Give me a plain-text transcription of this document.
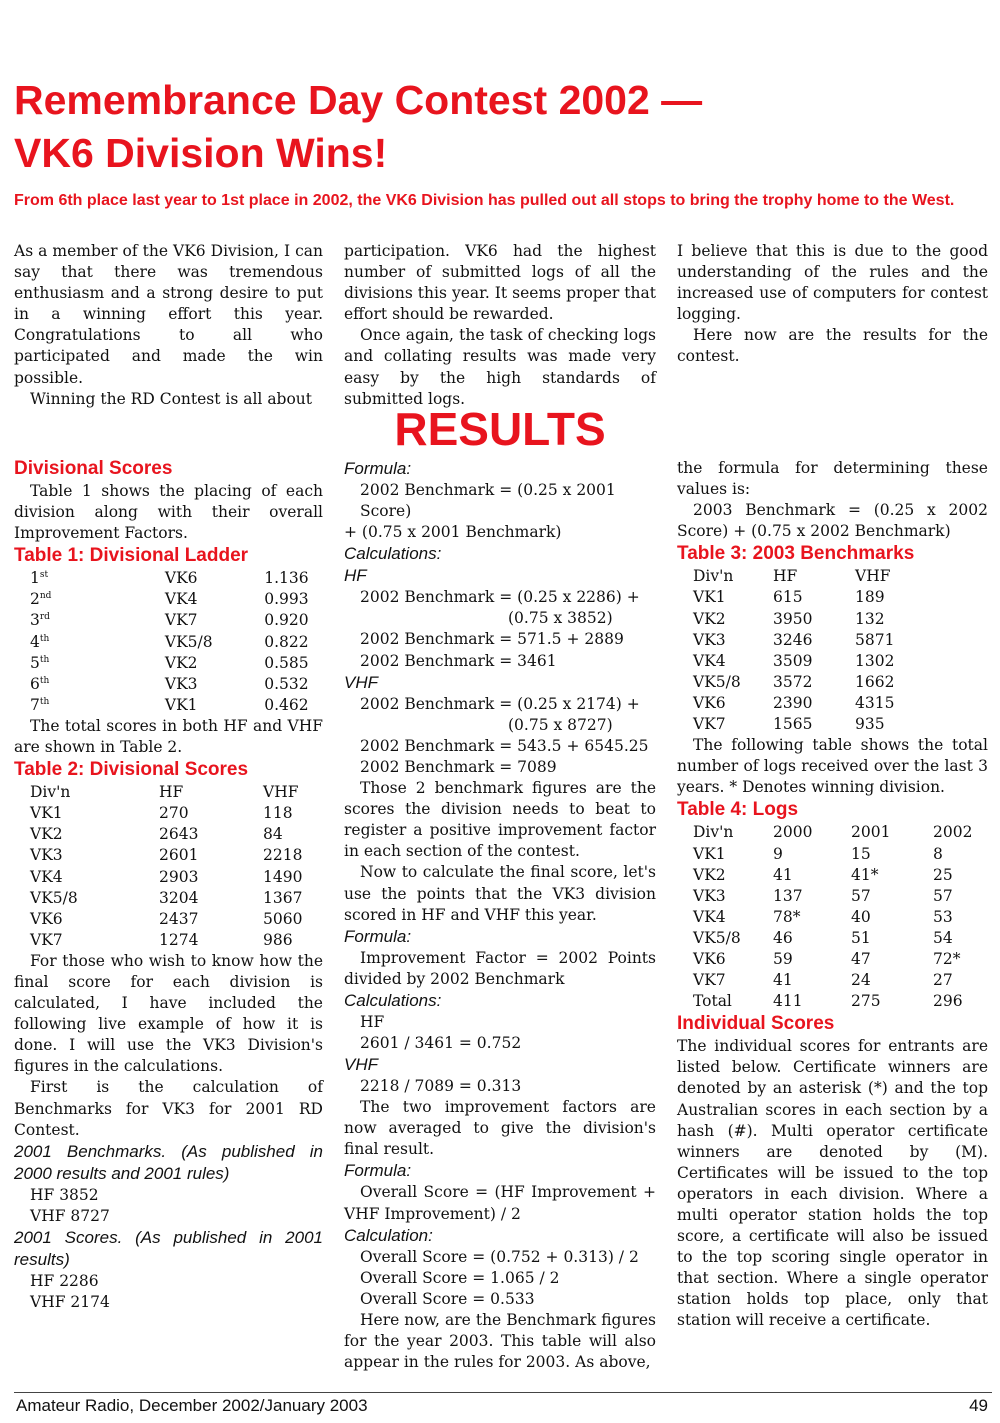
Remembrance Day Contest 2002 —
VK6 Division Wins!

From 6th place last year to 1st place in 2002, the VK6 Division has pulled out all stops to bring the trophy home to the West.

As a member of the VK6 Division, I can say that there was tremendous enthusiasm and a strong desire to put in a winning effort this year. Congratulations to all who participated and made the win possible.

Winning the RD Contest is all about

participation. VK6 had the highest number of submitted logs of all the divisions this year. It seems proper that effort should be rewarded.

Once again, the task of checking logs and collating results was made very easy by the high standards of submitted logs.

I believe that this is due to the good understanding of the rules and the increased use of computers for contest logging.

Here now are the results for the contest.

RESULTS

Divisional Scores

Table 1 shows the placing of each division along with their overall Improvement Factors.

Table 1: Divisional Ladder

1st	VK6	1.136
2nd	VK4	0.993
3rd	VK7	0.920
4th	VK5/8	0.822
5th	VK2	0.585
6th	VK3	0.532
7th	VK1	0.462

The total scores in both HF and VHF are shown in Table 2.

Table 2: Divisional Scores

Div'n	HF	VHF
VK1	270	118
VK2	2643	84
VK3	2601	2218
VK4	2903	1490
VK5/8	3204	1367
VK6	2437	5060
VK7	1274	986

For those who wish to know how the final score for each division is calculated, I have included the following live example of how it is done. I will use the VK3 Division's figures in the calculations.

First is the calculation of Benchmarks for VK3 for 2001 RD Contest.

2001 Benchmarks. (As published in 2000 results and 2001 rules)

HF 3852

VHF 8727

2001 Scores. (As published in 2001 results)

HF 2286

VHF 2174

Formula:

2002 Benchmark = (0.25 x 2001 Score)

+ (0.75 x 2001 Benchmark)

Calculations:

HF

2002 Benchmark = (0.25 x 2286) +

(0.75 x 3852)

2002 Benchmark = 571.5 + 2889

2002 Benchmark = 3461

VHF

2002 Benchmark = (0.25 x 2174) +

(0.75 x 8727)

2002 Benchmark = 543.5 + 6545.25

2002 Benchmark = 7089

Those 2 benchmark figures are the scores the division needs to beat to register a positive improvement factor in each section of the contest.

Now to calculate the final score, let's use the points that the VK3 division scored in HF and VHF this year.

Formula:

Improvement Factor = 2002 Points divided by 2002 Benchmark

Calculations:

HF

2601 / 3461 = 0.752

VHF

2218 / 7089 = 0.313

The two improvement factors are now averaged to give the division's final result.

Formula:

Overall Score = (HF Improvement + VHF Improvement) / 2

Calculation:

Overall Score = (0.752 + 0.313) / 2

Overall Score = 1.065 / 2

Overall Score = 0.533

Here now, are the Benchmark figures for the year 2003. This table will also appear in the rules for 2003. As above,

the formula for determining these values is:

2003 Benchmark = (0.25 x 2002 Score) + (0.75 x 2002 Benchmark)

Table 3: 2003 Benchmarks

Div'n	HF	VHF
VK1	615	189
VK2	3950	132
VK3	3246	5871
VK4	3509	1302
VK5/8	3572	1662
VK6	2390	4315
VK7	1565	935

The following table shows the total number of logs received over the last 3 years. * Denotes winning division.

Table 4: Logs

Div'n	2000	2001	2002
VK1	9	15	8
VK2	41	41*	25
VK3	137	57	57
VK4	78*	40	53
VK5/8	46	51	54
VK6	59	47	72*
VK7	41	24	27
Total	411	275	296

Individual Scores

The individual scores for entrants are listed below. Certificate winners are denoted by an asterisk (*) and the top Australian scores in each section by a hash (#). Multi operator certificate winners are denoted by (M). Certificates will be issued to the top operators in each division. Where a multi operator station holds the top score, a certificate will also be issued to the top scoring single operator in that section. Where a single operator station holds top place, only that station will receive a certificate.

Amateur Radio, December 2002/January 2003	49
